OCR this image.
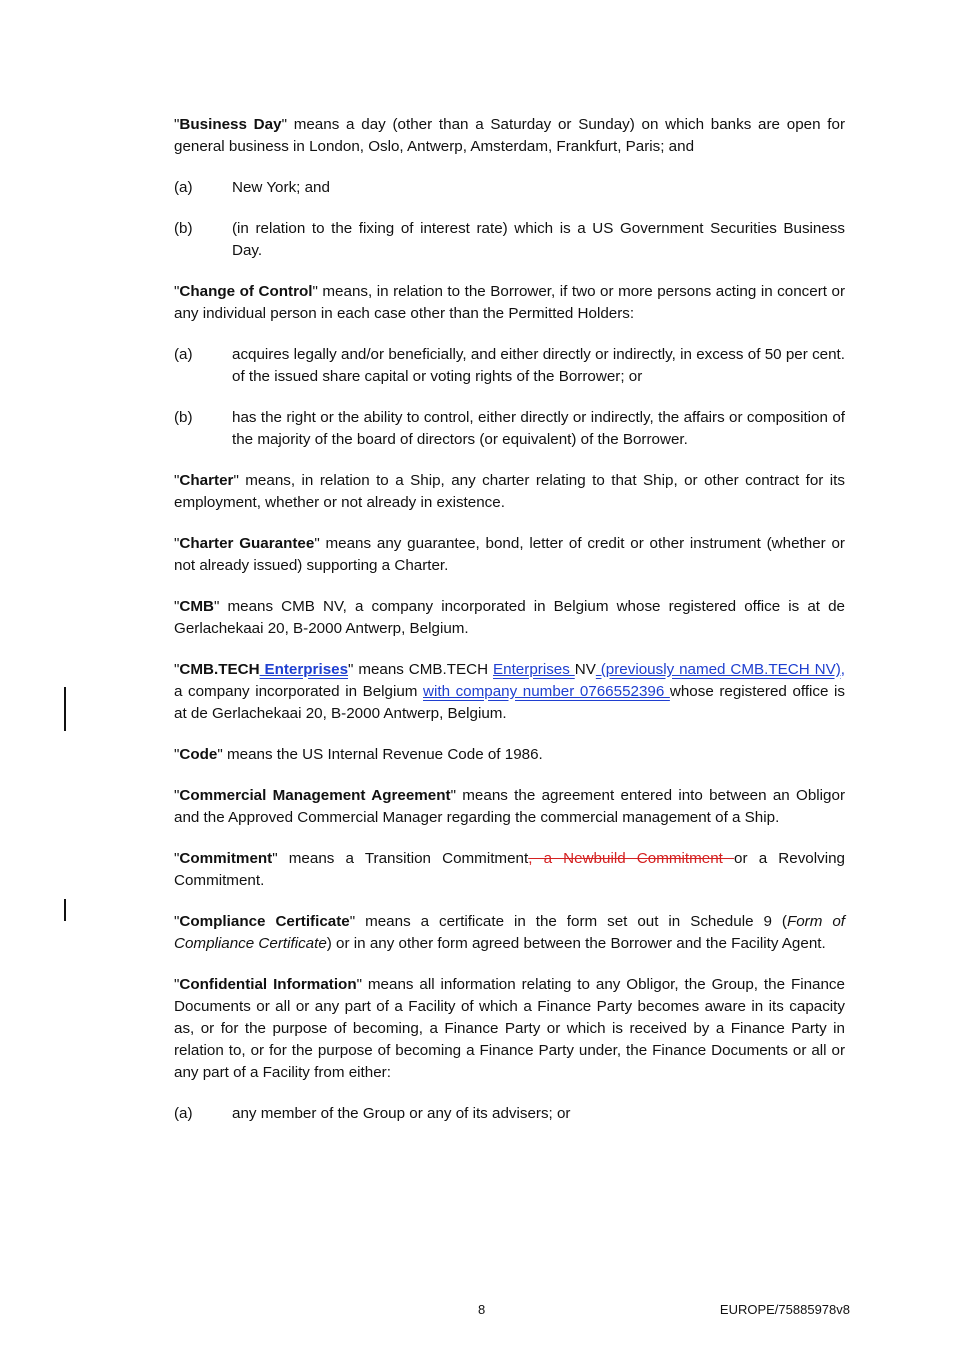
"Business Day" means a day (other than a Saturday or Sunday) on which banks are open for general business in London, Oslo, Antwerp, Amsterdam, Frankfurt, Paris; and

(a)	New York; and
(b)	(in relation to the fixing of interest rate) which is a US Government Securities Business Day.

"Change of Control" means, in relation to the Borrower, if two or more persons acting in concert or any individual person in each case other than the Permitted Holders:

(a)	acquires legally and/or beneficially, and either directly or indirectly, in excess of 50 per cent. of the issued share capital or voting rights of the Borrower; or
(b)	has the right or the ability to control, either directly or indirectly, the affairs or composition of the majority of the board of directors (or equivalent) of the Borrower.

"Charter" means, in relation to a Ship, any charter relating to that Ship, or other contract for its employment, whether or not already in existence.

"Charter Guarantee" means any guarantee, bond, letter of credit or other instrument (whether or not already issued) supporting a Charter.

"CMB" means CMB NV, a company incorporated in Belgium whose registered office is at de Gerlachekaai 20, B-2000 Antwerp, Belgium.

"CMB.TECH Enterprises" means CMB.TECH Enterprises NV (previously named CMB.TECH NV), a company incorporated in Belgium with company number 0766552396 whose registered office is at de Gerlachekaai 20, B-2000 Antwerp, Belgium.

"Code" means the US Internal Revenue Code of 1986.

"Commercial Management Agreement" means the agreement entered into between an Obligor and the Approved Commercial Manager regarding the commercial management of a Ship.

"Commitment" means a Transition Commitment, a Newbuild Commitment or a Revolving Commitment.

"Compliance Certificate" means a certificate in the form set out in Schedule 9 (Form of Compliance Certificate) or in any other form agreed between the Borrower and the Facility Agent.

"Confidential Information" means all information relating to any Obligor, the Group, the Finance Documents or all or any part of a Facility of which a Finance Party becomes aware in its capacity as, or for the purpose of becoming, a Finance Party or which is received by a Finance Party in relation to, or for the purpose of becoming a Finance Party under, the Finance Documents or all or any part of a Facility from either:

(a)	any member of the Group or any of its advisers; or
8	EUROPE/75885978v8
